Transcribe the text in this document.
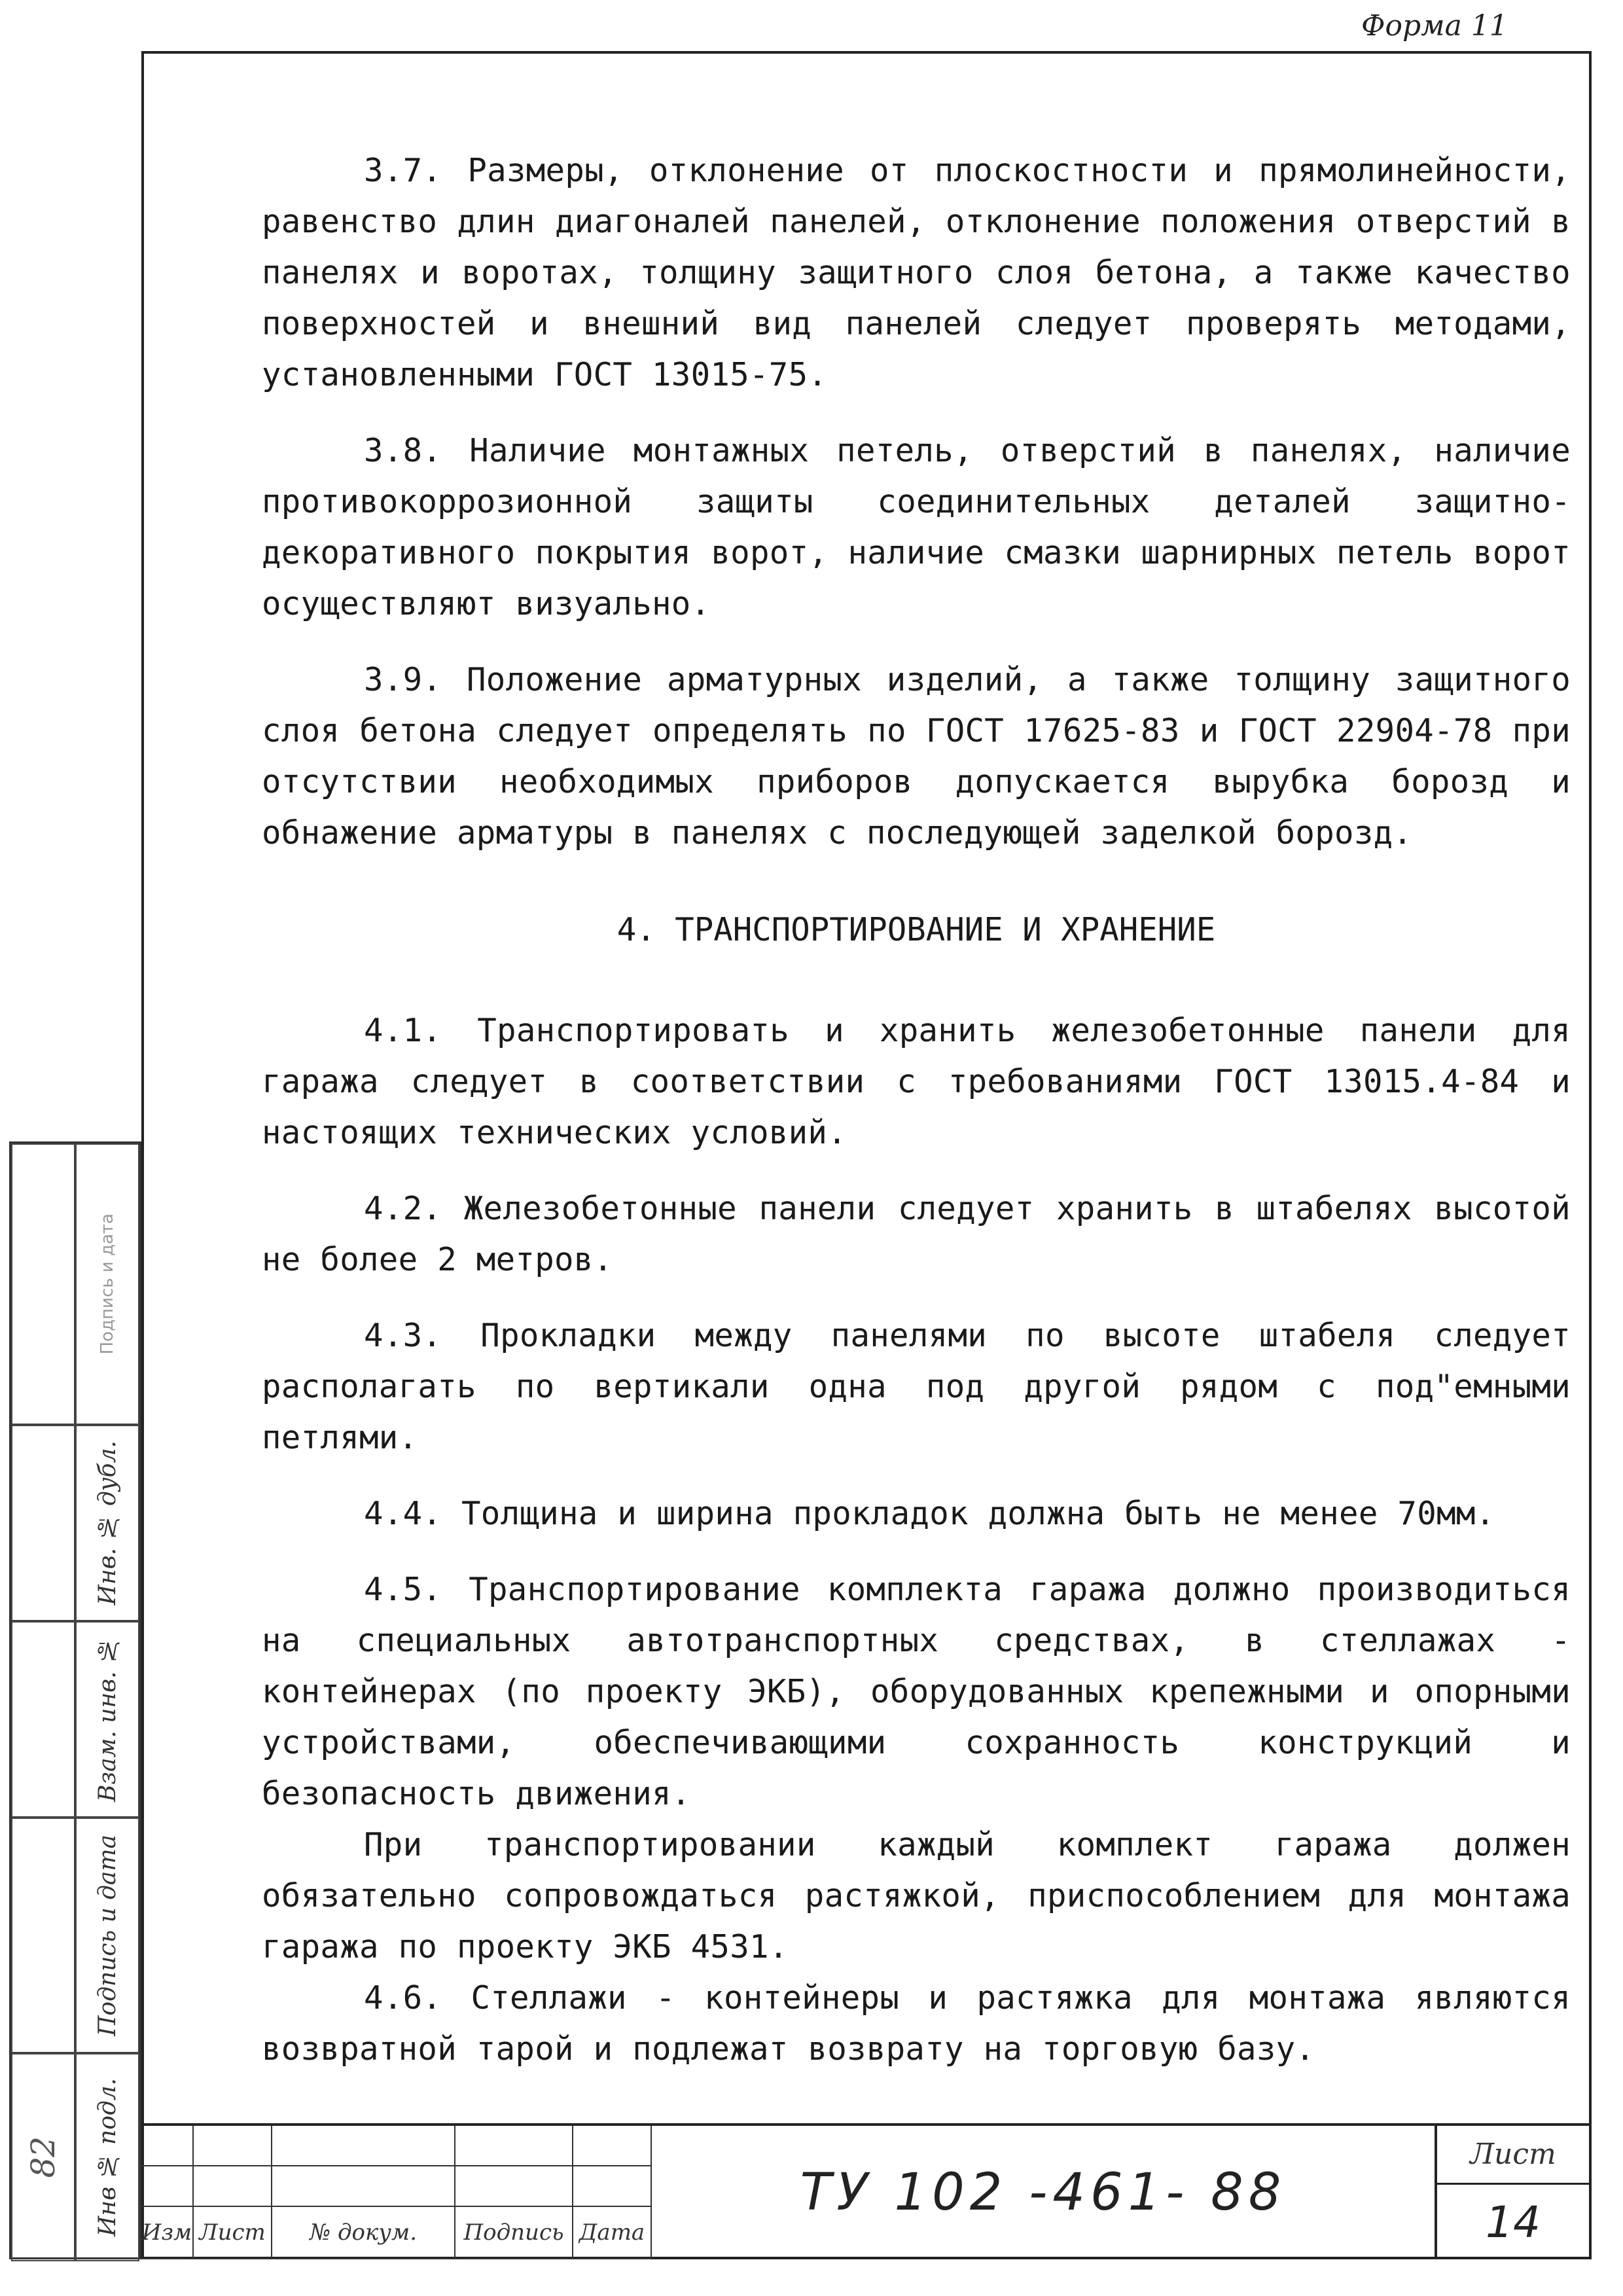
Форма 11

3.7. Размеры, отклонение от плоскостности и прямолинейности, равенство длин диагоналей панелей, отклонение положения отверстий в панелях и воротах, толщину защитного слоя бетона, а также качество поверхностей и внешний вид панелей следует проверять методами, установленными ГОСТ 13015-75.

3.8. Наличие монтажных петель, отверстий в панелях, наличие противокоррозионной защиты соединительных деталей защитно-декоративного покрытия ворот, наличие смазки шарнирных петель ворот осуществляют визуально.

3.9. Положение арматурных изделий, а также толщину защитного слоя бетона следует определять по ГОСТ 17625-83 и ГОСТ 22904-78 при отсутствии необходимых приборов допускается вырубка борозд и обнажение арматуры в панелях с последующей заделкой борозд.

4. ТРАНСПОРТИРОВАНИЕ И ХРАНЕНИЕ

4.1. Транспортировать и хранить железобетонные панели для гаража следует в соответствии с требованиями ГОСТ 13015.4-84 и настоящих технических условий.

4.2. Железобетонные панели следует хранить в штабелях высотой не более 2 метров.

4.3. Прокладки между панелями по высоте штабеля следует располагать по вертикали одна под другой рядом с под"емными петлями.

4.4. Толщина и ширина прокладок должна быть не менее 70мм.

4.5. Транспортирование комплекта гаража должно производиться на специальных автотранспортных средствах, в стеллажах - контейнерах (по проекту ЭКБ), оборудованных крепежными и опорными устройствами, обеспечивающими сохранность конструкций и безопасность движения.

При транспортировании каждый комплект гаража должен обязательно сопровождаться растяжкой, приспособлением для монтажа гаража по проекту ЭКБ 4531.

4.6. Стеллажи - контейнеры и растяжка для монтажа являются возвратной тарой и подлежат возврату на торговую базу.

Подпись и дата
Инв. № дубл.
Взам. инв. №
Подпись и дата
82 Инв № подл. Изм Лист	№ докум.	Подпись Дата
ТУ 102 -461- 88
Лист
14
